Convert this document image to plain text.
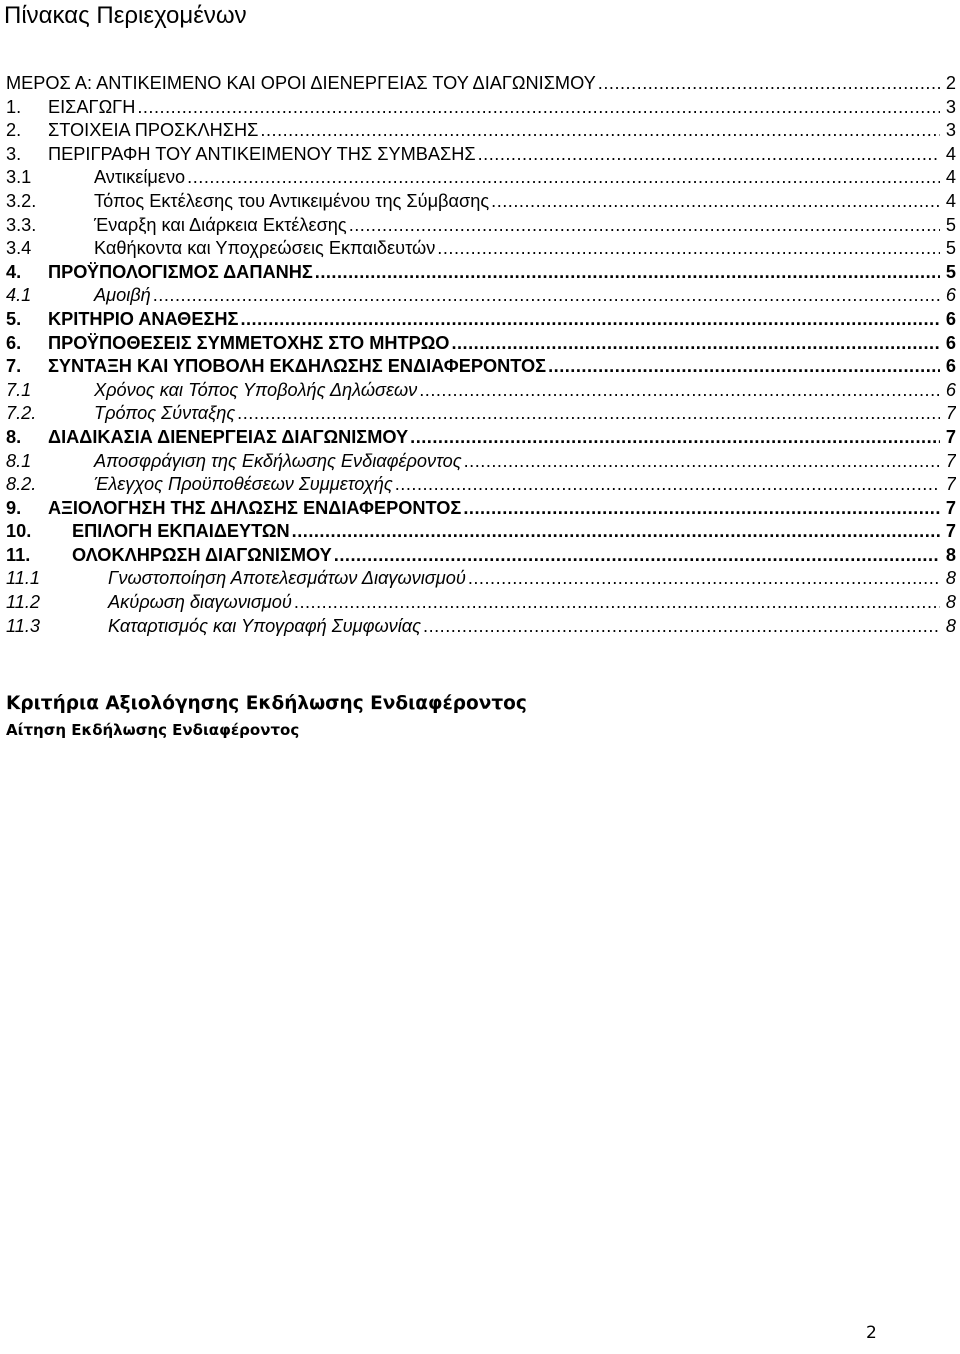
Πίνακας Περιεχομένων
ΜΕΡΟΣ Α: ΑΝΤΙΚΕΙΜΕΝΟ ΚΑΙ ΟΡΟΙ ΔΙΕΝΕΡΓΕΙΑΣ ΤΟΥ ΔΙΑΓΩΝΙΣΜΟΥ .....	2
1.	ΕΙΣΑΓΩΓΗ .....	3
2.	ΣΤΟΙΧΕΙΑ ΠΡΟΣΚΛΗΣΗΣ .....	3
3.	ΠΕΡΙΓΡΑΦΗ ΤΟΥ ΑΝΤΙΚΕΙΜΕΝΟΥ ΤΗΣ ΣΥΜΒΑΣΗΣ .....	4
3.1	Αντικείμενο .....	4
3.2.	Τόπος Εκτέλεσης του Αντικειμένου της Σύμβασης .....	4
3.3.	Έναρξη και Διάρκεια Εκτέλεσης .....	5
3.4	Καθήκοντα και Υποχρεώσεις Εκπαιδευτών .....	5
4.	ΠΡΟΫΠΟΛΟΓΙΣΜΟΣ ΔΑΠΑΝΗΣ .....	5
4.1	Αμοιβή .....	6
5.	ΚΡΙΤΗΡΙΟ ΑΝΑΘΕΣΗΣ .....	6
6.	ΠΡΟΫΠΟΘΕΣΕΙΣ ΣΥΜΜΕΤΟΧΗΣ ΣΤΟ ΜΗΤΡΩΟ .....	6
7.	ΣΥΝΤΑΞΗ ΚΑΙ ΥΠΟΒΟΛΗ ΕΚΔΗΛΩΣΗΣ ΕΝΔΙΑΦΕΡΟΝΤΟΣ .....	6
7.1	Χρόνος και Τόπος Υποβολής Δηλώσεων .....	6
7.2.	Τρόπος Σύνταξης .....	7
8.	ΔΙΑΔΙΚΑΣΙΑ ΔΙΕΝΕΡΓΕΙΑΣ ΔΙΑΓΩΝΙΣΜΟΥ .....	7
8.1	Αποσφράγιση της Εκδήλωσης Ενδιαφέροντος .....	7
8.2.	Έλεγχος Προϋποθέσεων Συμμετοχής .....	7
9.	ΑΞΙΟΛΟΓΗΣΗ ΤΗΣ ΔΗΛΩΣΗΣ ΕΝΔΙΑΦΕΡΟΝΤΟΣ .....	7
10.	ΕΠΙΛΟΓΗ ΕΚΠΑΙΔΕΥΤΩΝ .....	7
11.	ΟΛΟΚΛΗΡΩΣΗ ΔΙΑΓΩΝΙΣΜΟΥ .....	8
11.1	Γνωστοποίηση Αποτελεσμάτων Διαγωνισμού .....	8
11.2	Ακύρωση διαγωνισμού .....	8
11.3	Καταρτισμός και Υπογραφή Συμφωνίας .....	8
Κριτήρια Αξιολόγησης Εκδήλωσης Ενδιαφέροντος
Αίτηση Εκδήλωσης Ενδιαφέροντος
2
